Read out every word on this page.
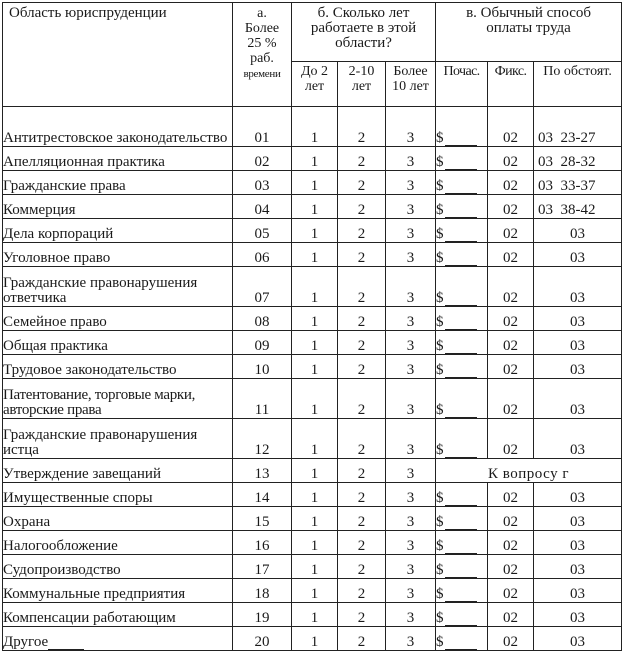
Область юриспруденции	а.
Более
25 %
раб.
времени	б. Сколько лет работаете в этой области?			в. Обычный способ оплаты труда		
		До 2 лет	2-10 лет	Более 10 лет	Почас.	Фикс.	По обстоят.
Антитрестовское законодательство	01	1	2	3	$	02	03 23-27
Апелляционная практика	02	1	2	3	$	02	03 28-32
Гражданские права	03	1	2	3	$	02	03 33-37
Коммерция	04	1	2	3	$	02	03 38-42
Дела корпораций	05	1	2	3	$	02	03
Уголовное право	06	1	2	3	$	02	03
Гражданские правонарушения ответчика	07	1	2	3	$	02	03
Семейное право	08	1	2	3	$	02	03
Общая практика	09	1	2	3	$	02	03
Трудовое законодательство	10	1	2	3	$	02	03
Патентование, торговые марки, авторские права	11	1	2	3	$	02	03
Гражданские правонарушения истца	12	1	2	3	$	02	03
Утверждение завещаний	13	1	2	3	К вопросу г		
Имущественные споры	14	1	2	3	$	02	03
Охрана	15	1	2	3	$	02	03
Налогообложение	16	1	2	3	$	02	03
Судопроизводство	17	1	2	3	$	02	03
Коммунальные предприятия	18	1	2	3	$	02	03
Компенсации работающим	19	1	2	3	$	02	03
Другое	20	1	2	3	$	02	03
